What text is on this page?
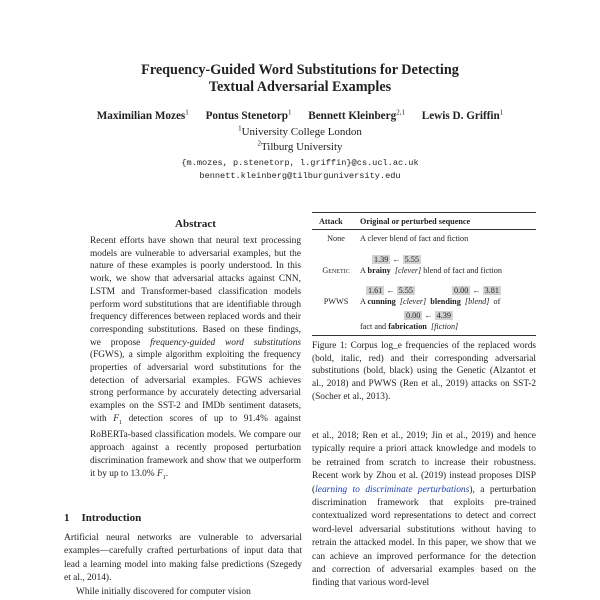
Frequency-Guided Word Substitutions for Detecting
Textual Adversarial Examples
Maximilian Mozes$^1$ Pontus Stenetorp$^1$ Bennett Kleinberg$^{2,1}$ Lewis D. Griffin$^1$
$^1$University College London
$^2$Tilburg University
{m.mozes, p.stenetorp, l.griffin}@cs.ucl.ac.uk
bennett.kleinberg@tilburguniversity.edu
Abstract
Recent efforts have shown that neural text processing models are vulnerable to adversarial examples, but the nature of these examples is poorly understood. In this work, we show that adversarial attacks against CNN, LSTM and Transformer-based classification models perform word substitutions that are identifiable through frequency differences between replaced words and their corresponding substitutions. Based on these findings, we propose frequency-guided word substitutions (FGWS), a simple algorithm exploiting the frequency properties of adversarial word substitutions for the detection of adversarial examples. FGWS achieves strong performance by accurately detecting adversarial examples on the SST-2 and IMDb sentiment datasets, with $F_1$ detection scores of up to 91.4% against RoBERTa-based classification models. We compare our approach against a recently proposed perturbation discrimination framework and show that we outperform it by up to 13.0% $F_1$.
1 Introduction

Artificial neural networks are vulnerable to adversarial examples—carefully crafted perturbations of input data that lead a learning model into making false predictions (Szegedy et al., 2014).

While initially discovered for computer vision

Attack Original or perturbed sequence
None	A clever blend of fact and fiction
1.39 ← 5.55
Genetic	A brainy [clever] blend of fact and fiction
1.61 ← 5.55	0.00 ← 3.81
PWWS	A cunning [clever] blending [blend] of
0.00 ← 4.39
fact and fabrication [fiction]
Figure 1: Corpus log_e frequencies of the replaced words (bold, italic, red) and their corresponding adversarial substitutions (bold, black) using the Genetic (Alzantot et al., 2018) and PWWS (Ren et al., 2019) attacks on SST-2 (Socher et al., 2013).
et al., 2018; Ren et al., 2019; Jin et al., 2019) and hence typically require a priori attack knowledge and models to be retrained from scratch to increase their robustness. Recent work by Zhou et al. (2019) instead proposes DISP (learning to discriminate perturbations), a perturbation discrimination framework that exploits pre-trained contextualized word representations to detect and correct word-level adversarial substitutions without having to retrain the attacked model. In this paper, we show that we can achieve an improved performance for the detection and correction of adversarial examples based on the finding that various word-level
